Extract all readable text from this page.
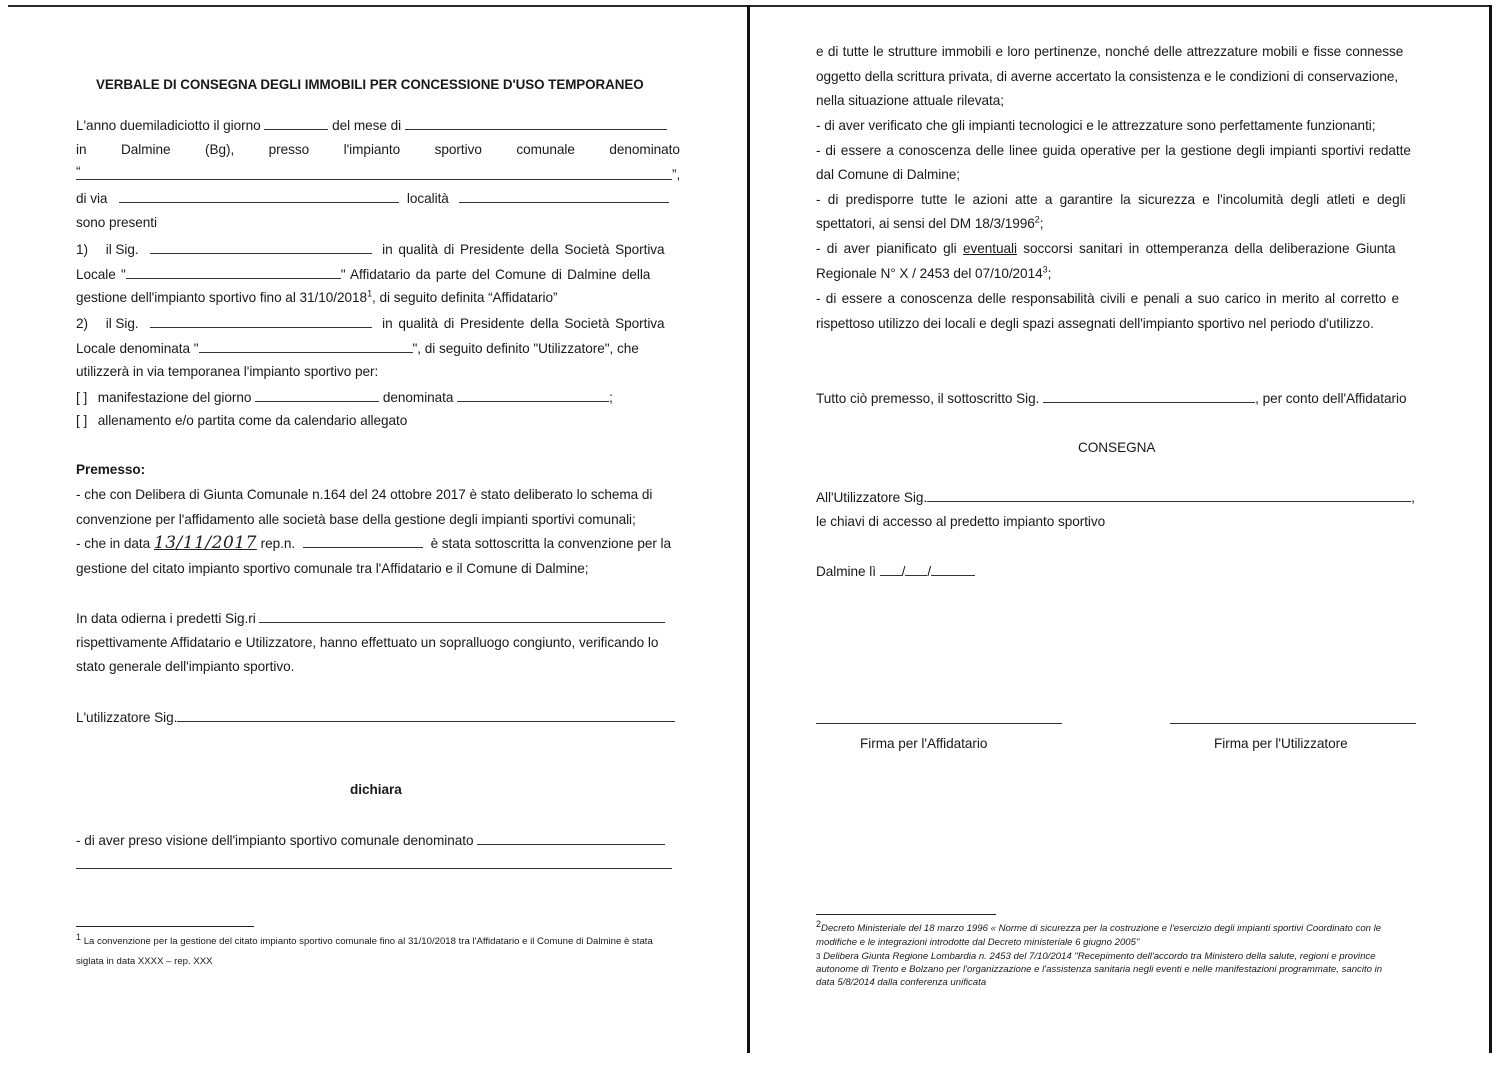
VERBALE DI CONSEGNA DEGLI IMMOBILI PER CONCESSIONE D'USO TEMPORANEO
L'anno duemiladiciotto il giorno	del mese di
in	Dalmine	(Bg),	presso	l'impianto	sportivo	comunale	denominato
“	”,
di via	località
sono presenti
1) il Sig.	in qualità di Presidente della Società Sportiva
Locale "	" Affidatario da parte del Comune di Dalmine della
gestione dell'impianto sportivo fino al 31/10/2018$^1$, di seguito definita “Affidatario”
2) il Sig.	in qualità di Presidente della Società Sportiva
Locale denominata "	", di seguito definito "Utilizzatore", che
utilizzerà in via temporanea l'impianto sportivo per:
[ ] manifestazione del giorno	denominata	;
[ ] allenamento e/o partita come da calendario allegato
Premesso:
- che con Delibera di Giunta Comunale n.164 del 24 ottobre 2017 è stato deliberato lo schema di
convenzione per l'affidamento alle società base della gestione degli impianti sportivi comunali;
- che in data 13/11/2017 rep.n.	è stata sottoscritta la convenzione per la
gestione del citato impianto sportivo comunale tra l'Affidatario e il Comune di Dalmine;
In data odierna i predetti Sig.ri
rispettivamente Affidatario e Utilizzatore, hanno effettuato un sopralluogo congiunto, verificando lo
stato generale dell'impianto sportivo.
L'utilizzatore Sig.
dichiara
- di aver preso visione dell'impianto sportivo comunale denominato
1 La convenzione per la gestione del citato impianto sportivo comunale fino al 31/10/2018 tra l'Affidatario e il Comune di Dalmine è stata
siglata in data XXXX – rep. XXX
e di tutte le strutture immobili e loro pertinenze, nonché delle attrezzature mobili e fisse connesse
oggetto della scrittura privata, di averne accertato la consistenza e le condizioni di conservazione,
nella situazione attuale rilevata;
- di aver verificato che gli impianti tecnologici e le attrezzature sono perfettamente funzionanti;
- di essere a conoscenza delle linee guida operative per la gestione degli impianti sportivi redatte
dal Comune di Dalmine;
- di predisporre tutte le azioni atte a garantire la sicurezza e l'incolumità degli atleti e degli
spettatori, ai sensi del DM 18/3/1996$^2$;
- di aver pianificato gli eventuali soccorsi sanitari in ottemperanza della deliberazione Giunta
Regionale N° X / 2453 del 07/10/2014$^3$;
- di essere a conoscenza delle responsabilità civili e penali a suo carico in merito al corretto e
rispettoso utilizzo dei locali e degli spazi assegnati dell'impianto sportivo nel periodo d'utilizzo.
Tutto ciò premesso, il sottoscritto Sig.	, per conto dell'Affidatario
CONSEGNA
All'Utilizzatore Sig.	,
le chiavi di accesso al predetto impianto sportivo
Dalmine lì / /
Firma per l'Affidatario	Firma per l'Utilizzatore
2Decreto Ministeriale del 18 marzo 1996 « Norme di sicurezza per la costruzione e l'esercizio degli impianti sportivi Coordinato con le
modifiche e le integrazioni introdotte dal Decreto ministeriale 6 giugno 2005"
3 Delibera Giunta Regione Lombardia n. 2453 del 7/10/2014 "Recepimento dell'accordo tra Ministero della salute, regioni e province
autonome di Trento e Bolzano per l'organizzazione e l'assistenza sanitaria negli eventi e nelle manifestazioni programmate, sancito in
data 5/8/2014 dalla conferenza unificata
